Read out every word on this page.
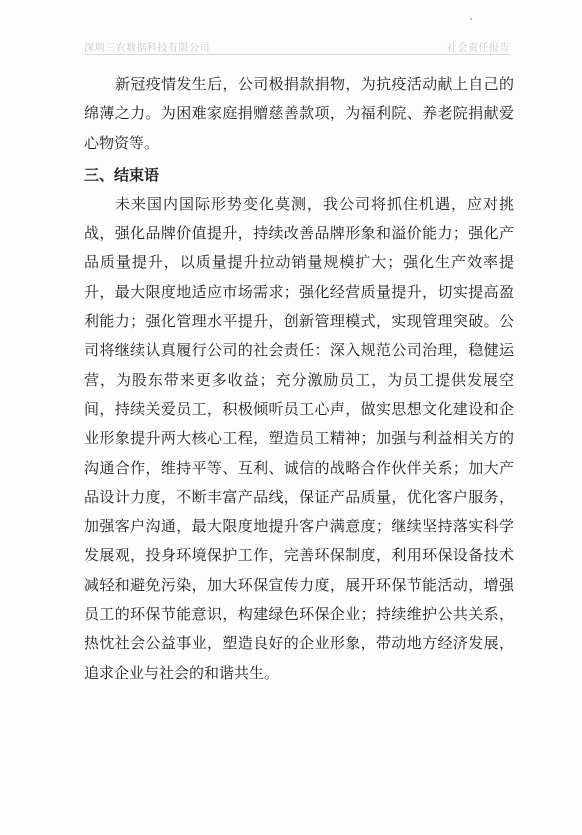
深圳三农数据科技有限公司	社会责任报告

新冠疫情发生后，公司极捐款捐物，为抗疫活动献上自己的绵薄之力。为困难家庭捐赠慈善款项，为福利院、养老院捐献爱心物资等。

三、结束语

未来国内国际形势变化莫测，我公司将抓住机遇，应对挑战，强化品牌价值提升，持续改善品牌形象和溢价能力；强化产品质量提升，以质量提升拉动销量规模扩大；强化生产效率提升，最大限度地适应市场需求；强化经营质量提升，切实提高盈利能力；强化管理水平提升，创新管理模式，实现管理突破。公司将继续认真履行公司的社会责任：深入规范公司治理，稳健运营，为股东带来更多收益；充分激励员工，为员工提供发展空间，持续关爱员工，积极倾听员工心声，做实思想文化建设和企业形象提升两大核心工程，塑造员工精神；加强与利益相关方的沟通合作，维持平等、互利、诚信的战略合作伙伴关系；加大产品设计力度，不断丰富产品线，保证产品质量，优化客户服务，加强客户沟通，最大限度地提升客户满意度；继续坚持落实科学发展观，投身环境保护工作，完善环保制度，利用环保设备技术减轻和避免污染，加大环保宣传力度，展开环保节能活动，增强员工的环保节能意识，构建绿色环保企业；持续维护公共关系，热忱社会公益事业，塑造良好的企业形象，带动地方经济发展，追求企业与社会的和谐共生。
